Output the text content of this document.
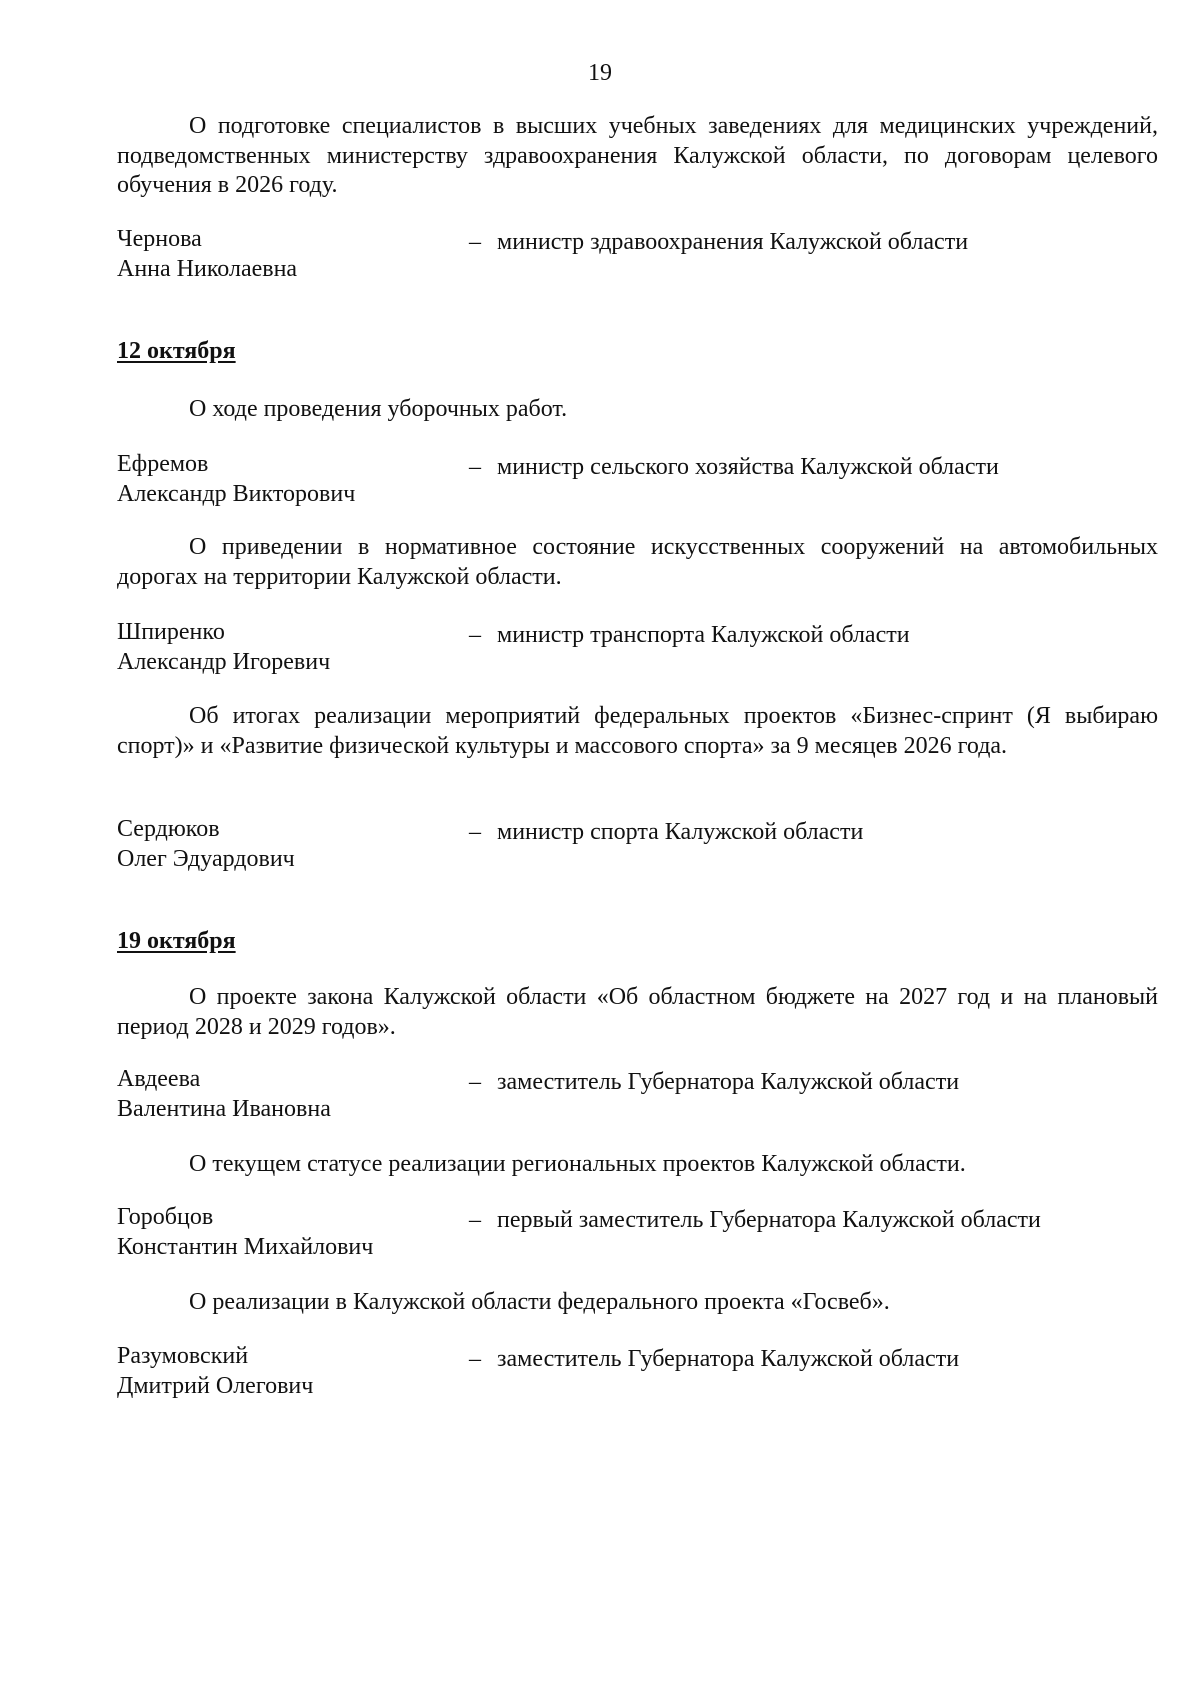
19
О подготовке специалистов в высших учебных заведениях для медицинских учреждений, подведомственных министерству здравоохранения Калужской области, по договорам целевого обучения в 2026 году.
Чернова
Анна Николаевна
– министр здравоохранения Калужской области
12 октября
О ходе проведения уборочных работ.
Ефремов
Александр Викторович
– министр сельского хозяйства Калужской области
О приведении в нормативное состояние искусственных сооружений на автомобильных дорогах на территории Калужской области.
Шпиренко
Александр Игоревич
– министр транспорта Калужской области
Об итогах реализации мероприятий федеральных проектов «Бизнес-спринт (Я выбираю спорт)» и «Развитие физической культуры и массового спорта» за 9 месяцев 2026 года.
Сердюков
Олег Эдуардович
– министр спорта Калужской области
19 октября
О проекте закона Калужской области «Об областном бюджете на 2027 год и на плановый период 2028 и 2029 годов».
Авдеева
Валентина Ивановна
– заместитель Губернатора Калужской области
О текущем статусе реализации региональных проектов Калужской области.
Горобцов
Константин Михайлович
– первый заместитель Губернатора Калужской области
О реализации в Калужской области федерального проекта «Госвеб».
Разумовский
Дмитрий Олегович
– заместитель Губернатора Калужской области
